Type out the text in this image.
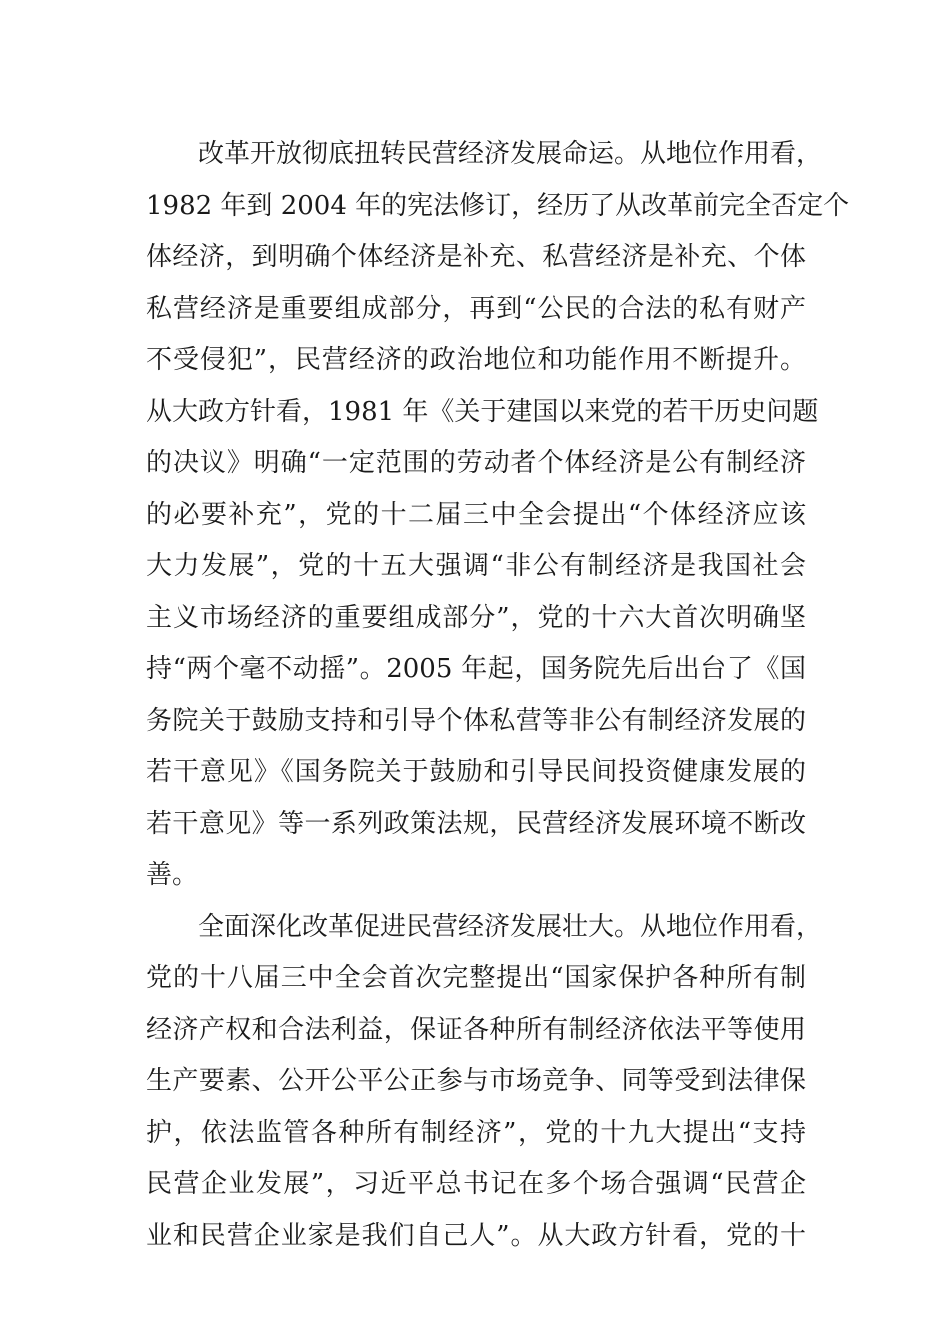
改革开放彻底扭转民营经济发展命运。从地位作用看，
1982 年到 2004 年的宪法修订，经历了从改革前完全否定个
体经济，到明确个体经济是补充、私营经济是补充、个体
私营经济是重要组成部分，再到“公民的合法的私有财产
不受侵犯”，民营经济的政治地位和功能作用不断提升。
从大政方针看，1981 年《关于建国以来党的若干历史问题
的决议》明确“一定范围的劳动者个体经济是公有制经济
的必要补充”，党的十二届三中全会提出“个体经济应该
大力发展”，党的十五大强调“非公有制经济是我国社会
主义市场经济的重要组成部分”，党的十六大首次明确坚
持“两个毫不动摇”。2005 年起，国务院先后出台了《国
务院关于鼓励支持和引导个体私营等非公有制经济发展的
若干意见》《国务院关于鼓励和引导民间投资健康发展的
若干意见》等一系列政策法规，民营经济发展环境不断改
善。
全面深化改革促进民营经济发展壮大。从地位作用看，
党的十八届三中全会首次完整提出“国家保护各种所有制
经济产权和合法利益，保证各种所有制经济依法平等使用
生产要素、公开公平公正参与市场竞争、同等受到法律保
护，依法监管各种所有制经济”，党的十九大提出“支持
民营企业发展”，习近平总书记在多个场合强调“民营企
业和民营企业家是我们自己人”。从大政方针看，党的十
